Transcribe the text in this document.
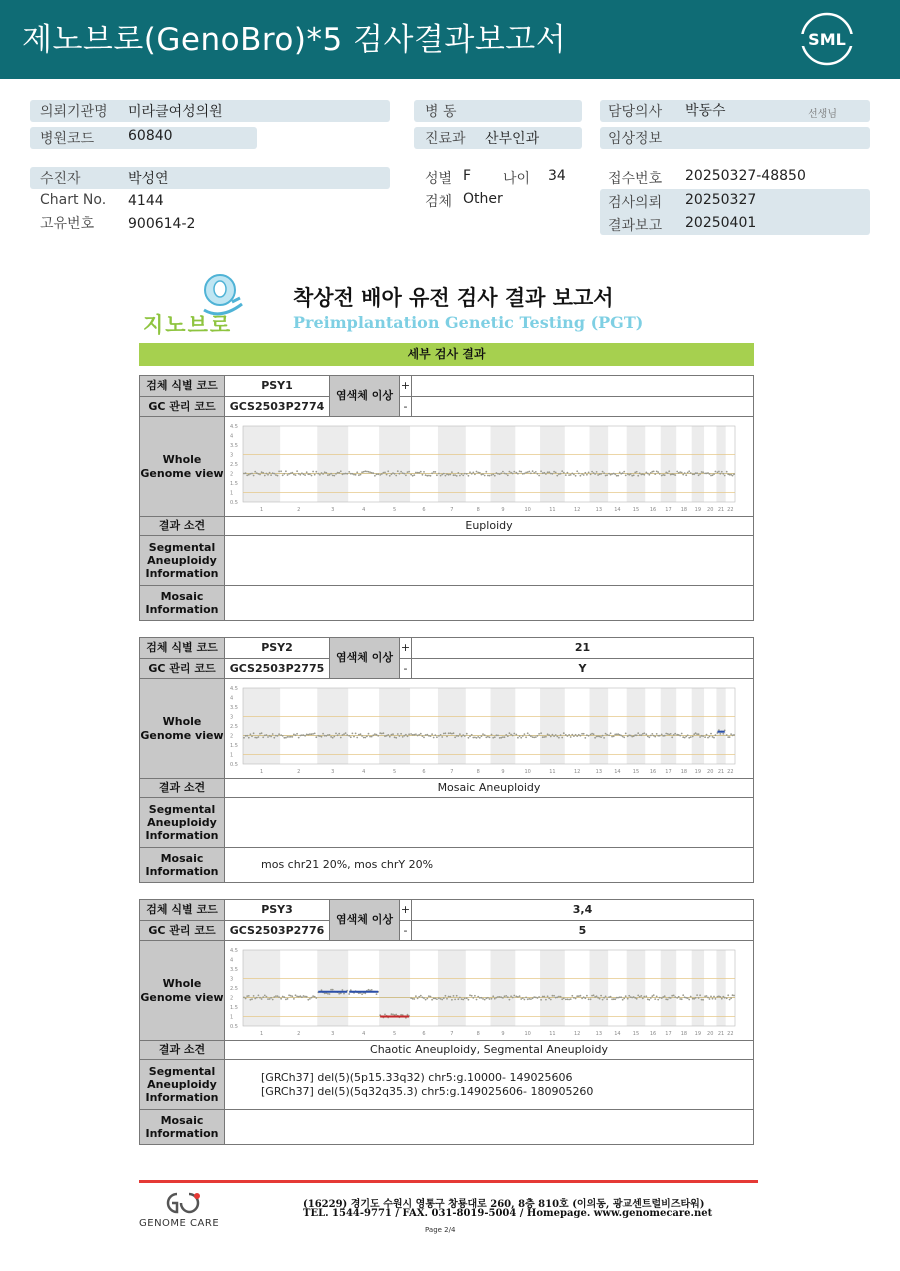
제노브로(GenoBro)*5 검사결과보고서	SML
의뢰기관명 미라클여성의원
병원코드 60840
수진자	박성연
Chart No. 4144
고유번호 900614-2
병 동
진료과 산부인과
성별 F 나이 34
검체 Other
담당의사 박동수	선생님
임상정보
접수번호 20250327-48850
검사의뢰 20250327
결과보고 20250401
지노브로
착상전 배아 유전 검사 결과 보고서
Preimplantation Genetic Testing (PGT)
세부 검사 결과
검체 식별 코드	PSY1	+
GC 관리 코드	GCS2503P2774	-
염색체 이상
Whole Genome view
4.5
4
3.5
3
2.5
2
1.5
1
0.5
1	2	3	4	5	6	7	8	9	10	11	12	13 14 15 16 17 18 19 20 21 22
결과 소견	Euploidy
Segmental Aneuploidy Information
Mosaic Information
검체 식별 코드	PSY2	+	21
GC 관리 코드	GCS2503P2775	-	Y
염색체 이상
Whole Genome view
4.5
4
3.5
3
2.5
2
1.5
1
0.5
1	2	3	4	5	6	7	8	9	10	11	12	13 14 15 16 17 18 19 20 21 22
결과 소견	Mosaic Aneuploidy
Segmental Aneuploidy Information
Mosaic Information
mos chr21 20%, mos chrY 20%
검체 식별 코드	PSY3	+	3,4
GC 관리 코드	GCS2503P2776	-	5
염색체 이상
Whole Genome view
4.5
4
3.5
3
2.5
2
1.5
1
0.5
1	2	3	4	5	6	7	8	9	10	11	12	13 14 15 16 17 18 19 20 21 22
결과 소견	Chaotic Aneuploidy, Segmental Aneuploidy
Segmental Aneuploidy Information
[GRCh37] del(5)(5p15.33q32) chr5:g.10000- 149025606
[GRCh37] del(5)(5q32q35.3) chr5:g.149025606- 180905260
Mosaic Information
GENOME CARE
(16229) 경기도 수원시 영통구 창룡대로 260, 8층 810호 (이의동, 광교센트럴비즈타워)
TEL. 1544-9771 / FAX. 031-8019-5004 / Homepage. www.genomecare.net
Page 2/4
